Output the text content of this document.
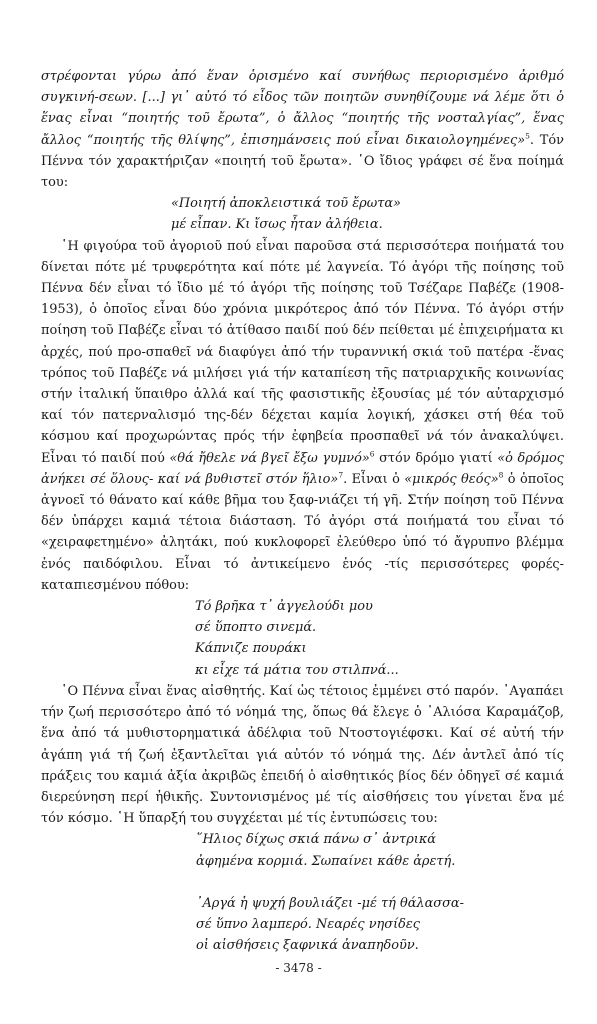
στρέφονται γύρω ἀπό ἕναν ὁρισμένο καί συνήθως περιορισμένο ἀριθμό συγκινή-σεων. [...] γι᾽ αὐτό τό εἶδος τῶν ποιητῶν συνηθίζουμε νά λέμε ὅτι ὁ ἕνας εἶναι “ποιητής τοῦ ἔρωτα”, ὁ ἄλλος “ποιητής τῆς νοσταλγίας”, ἕνας ἄλλος “ποιητής τῆς θλίψης”, ἐπισημάνσεις πού εἶναι δικαιολογημένες»$^5$. Τόν Πέννα τόν χαρακτήριζαν «ποιητή τοῦ ἔρωτα». ῾Ο ἴδιος γράφει σέ ἕνα ποίημά του:

«Ποιητή ἀποκλειστικά τοῦ ἔρωτα»
μέ εἶπαν. Κι ἴσως ἦταν ἀλήθεια.

῾Η φιγούρα τοῦ ἀγοριοῦ πού εἶναι παροῦσα στά περισσότερα ποιήματά του δίνεται πότε μέ τρυφερότητα καί πότε μέ λαγνεία. Τό ἀγόρι τῆς ποίησης τοῦ Πέννα δέν εἶναι τό ἴδιο μέ τό ἀγόρι τῆς ποίησης τοῦ Τσέζαρε Παβέζε (1908-1953), ὁ ὁποῖος εἶναι δύο χρόνια μικρότερος ἀπό τόν Πέννα. Τό ἀγόρι στήν ποίηση τοῦ Παβέζε εἶναι τό ἀτίθασο παιδί πού δέν πείθεται μέ ἐπιχειρήματα κι ἀρχές, πού προ-σπαθεῖ νά διαφύγει ἀπό τήν τυραννική σκιά τοῦ πατέρα -ἕνας τρόπος τοῦ Παβέζε νά μιλήσει γιά τήν καταπίεση τῆς πατριαρχικῆς κοινωνίας στήν ἰταλική ὕπαιθρο ἀλλά καί τῆς φασιστικῆς ἐξουσίας μέ τόν αὐταρχισμό καί τόν πατερναλισμό της-δέν δέχεται καμία λογική, χάσκει στή θέα τοῦ κόσμου καί προχωρώντας πρός τήν ἐφηβεία προσπαθεῖ νά τόν ἀνακαλύψει. Εἶναι τό παιδί πού «θά ἤθελε νά βγεῖ ἔξω γυμνό»$^6$ στόν δρόμο γιατί «ὁ δρόμος ἀνήκει σέ ὅλους- καί νά βυθιστεῖ στόν ἥλιο»$^7$. Εἶναι ὁ «μικρός θεός»$^8$ ὁ ὁποῖος ἀγνοεῖ τό θάνατο καί κάθε βῆμα του ξαφ-νιάζει τή γῆ. Στήν ποίηση τοῦ Πέννα δέν ὑπάρχει καμιά τέτοια διάσταση. Τό ἀγόρι στά ποιήματά του εἶναι τό «χειραφετημένο» ἀλητάκι, πού κυκλοφορεῖ ἐλεύθερο ὑπό τό ἄγρυπνο βλέμμα ἑνός παιδόφιλου. Εἶναι τό ἀντικείμενο ἑνός -τίς περισσότερες φορές- καταπιεσμένου πόθου:

Τό βρῆκα τ᾽ ἀγγελούδι μου
σέ ὕποπτο σινεμά.
Κάπνιζε πουράκι
κι εἶχε τά μάτια του στιλπνά...

῾Ο Πέννα εἶναι ἕνας αἰσθητής. Καί ὡς τέτοιος ἐμμένει στό παρόν. ᾽Αγαπάει τήν ζωή περισσότερο ἀπό τό νόημά της, ὅπως θά ἔλεγε ὁ ᾽Αλιόσα Καραμάζοβ, ἕνα ἀπό τά μυθιστορηματικά ἀδέλφια τοῦ Ντοστογιέφσκι. Καί σέ αὐτή τήν ἀγάπη γιά τή ζωή ἐξαντλεῖται γιά αὐτόν τό νόημά της. Δέν ἀντλεῖ ἀπό τίς πράξεις του καμιά ἀξία ἀκριβῶς ἐπειδή ὁ αἰσθητικός βίος δέν ὁδηγεῖ σέ καμιά διερεύνηση περί ἠθικῆς. Συντονισμένος μέ τίς αἰσθήσεις του γίνεται ἕνα μέ τόν κόσμο. ῾Η ὕπαρξή του συγχέεται μέ τίς ἐντυπώσεις του:

῞Ηλιος δίχως σκιά πάνω σ᾽ ἀντρικά
ἀφημένα κορμιά. Σωπαίνει κάθε ἀρετή.
᾽Αργά ἡ ψυχή βουλιάζει -μέ τή θάλασσα-
σέ ὕπνο λαμπερό. Νεαρές νησίδες
οἱ αἰσθήσεις ξαφνικά ἀναπηδοῦν.
- 3478 -
